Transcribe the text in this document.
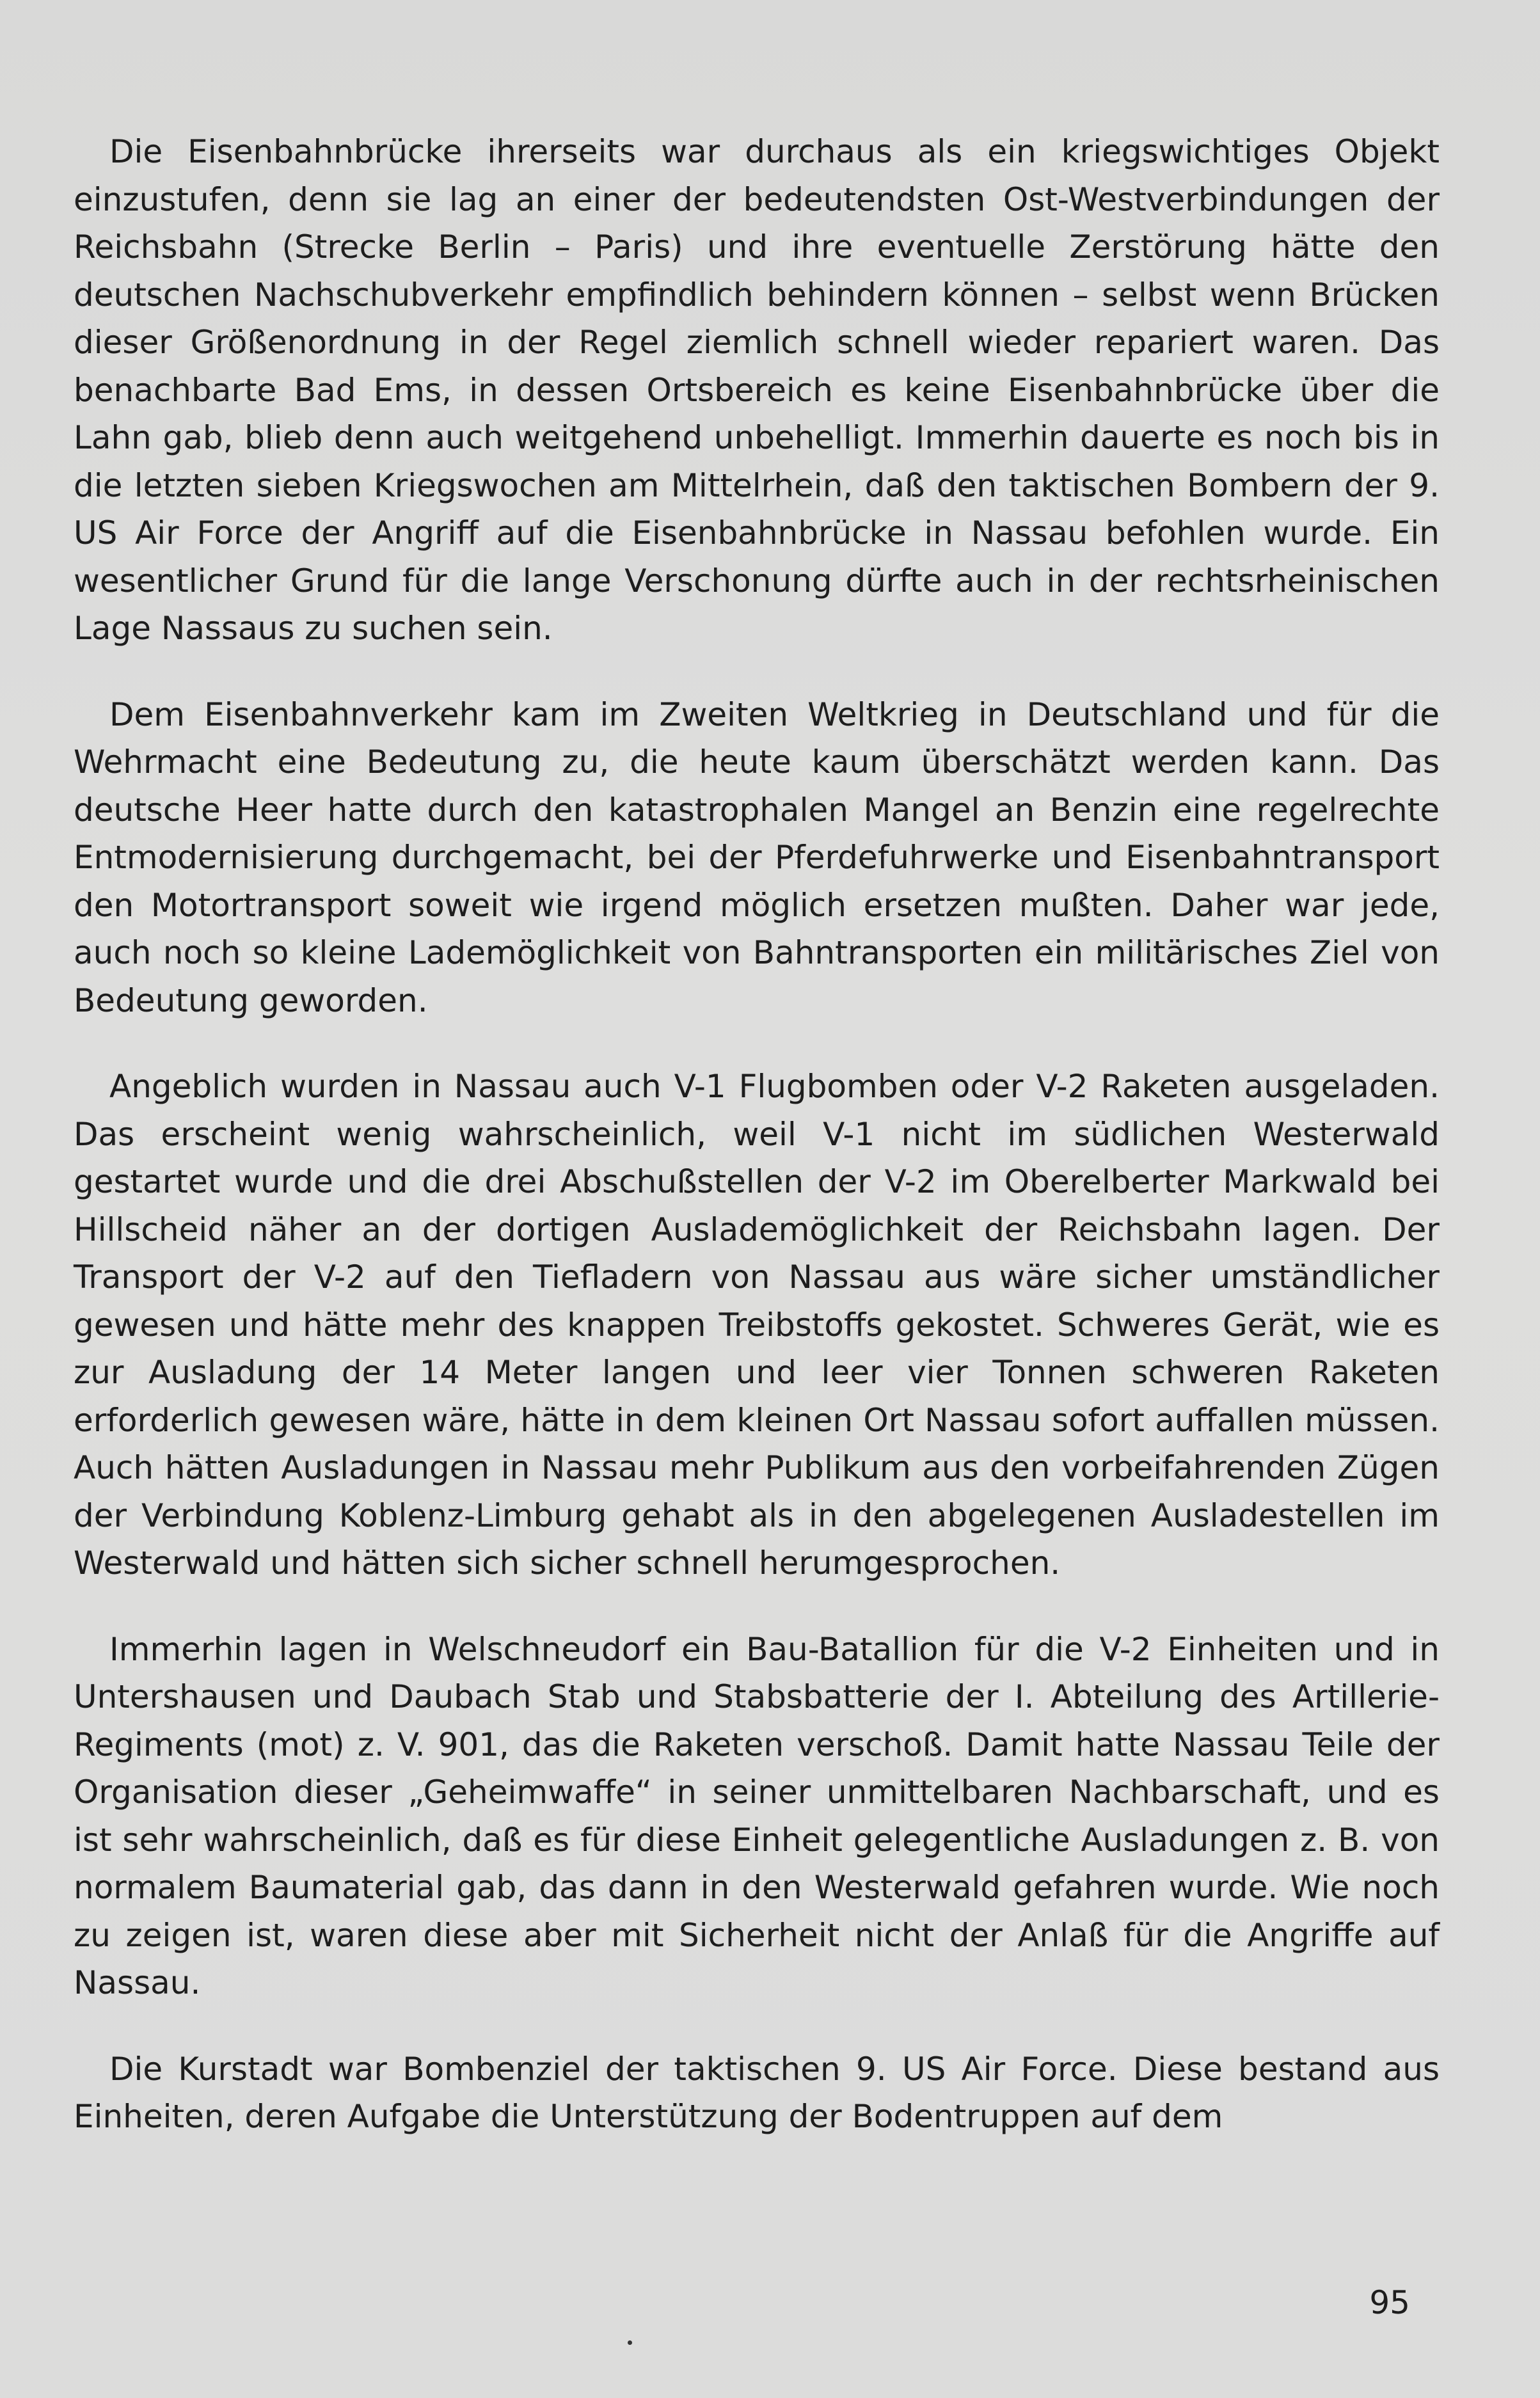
Die Eisenbahnbrücke ihrerseits war durchaus als ein kriegswichtiges Objekt einzustufen, denn sie lag an einer der bedeutendsten Ost-Westverbindungen der Reichsbahn (Strecke Berlin – Paris) und ihre eventuelle Zerstörung hätte den deutschen Nachschubverkehr empfindlich behindern können – selbst wenn Brücken dieser Größenordnung in der Regel ziemlich schnell wieder repariert waren. Das benachbarte Bad Ems, in dessen Ortsbereich es keine Eisenbahnbrücke über die Lahn gab, blieb denn auch weitgehend unbehelligt. Immerhin dauerte es noch bis in die letzten sieben Kriegswochen am Mittelrhein, daß den taktischen Bombern der 9. US Air Force der Angriff auf die Eisenbahnbrücke in Nassau befohlen wurde. Ein wesentlicher Grund für die lange Verschonung dürfte auch in der rechtsrheinischen Lage Nassaus zu suchen sein.

Dem Eisenbahnverkehr kam im Zweiten Weltkrieg in Deutschland und für die Wehrmacht eine Bedeutung zu, die heute kaum überschätzt werden kann. Das deutsche Heer hatte durch den katastrophalen Mangel an Benzin eine regelrechte Entmodernisierung durchgemacht, bei der Pferdefuhrwerke und Eisenbahntransport den Motortransport soweit wie irgend möglich ersetzen mußten. Daher war jede, auch noch so kleine Lademöglichkeit von Bahntransporten ein militärisches Ziel von Bedeutung geworden.

Angeblich wurden in Nassau auch V-1 Flugbomben oder V-2 Raketen ausgeladen. Das erscheint wenig wahrscheinlich, weil V-1 nicht im südlichen Westerwald gestartet wurde und die drei Abschußstellen der V-2 im Oberelberter Markwald bei Hillscheid näher an der dortigen Auslademöglichkeit der Reichsbahn lagen. Der Transport der V-2 auf den Tiefladern von Nassau aus wäre sicher umständlicher gewesen und hätte mehr des knappen Treibstoffs gekostet. Schweres Gerät, wie es zur Ausladung der 14 Meter langen und leer vier Tonnen schweren Raketen erforderlich gewesen wäre, hätte in dem kleinen Ort Nassau sofort auffallen müssen. Auch hätten Ausladungen in Nassau mehr Publikum aus den vorbeifahrenden Zügen der Verbindung Koblenz-Limburg gehabt als in den abgelegenen Ausladestellen im Westerwald und hätten sich sicher schnell herumgesprochen.

Immerhin lagen in Welschneudorf ein Bau-Batallion für die V-2 Einheiten und in Untershausen und Daubach Stab und Stabsbatterie der I. Abteilung des Artillerie-Regiments (mot) z. V. 901, das die Raketen verschoß. Damit hatte Nassau Teile der Organisation dieser „Geheimwaffe“ in seiner unmittelbaren Nachbarschaft, und es ist sehr wahrscheinlich, daß es für diese Einheit gelegentliche Ausladungen z. B. von normalem Baumaterial gab, das dann in den Westerwald gefahren wurde. Wie noch zu zeigen ist, waren diese aber mit Sicherheit nicht der Anlaß für die Angriffe auf Nassau.

Die Kurstadt war Bombenziel der taktischen 9. US Air Force. Diese bestand aus Einheiten, deren Aufgabe die Unterstützung der Bodentruppen auf dem

95
